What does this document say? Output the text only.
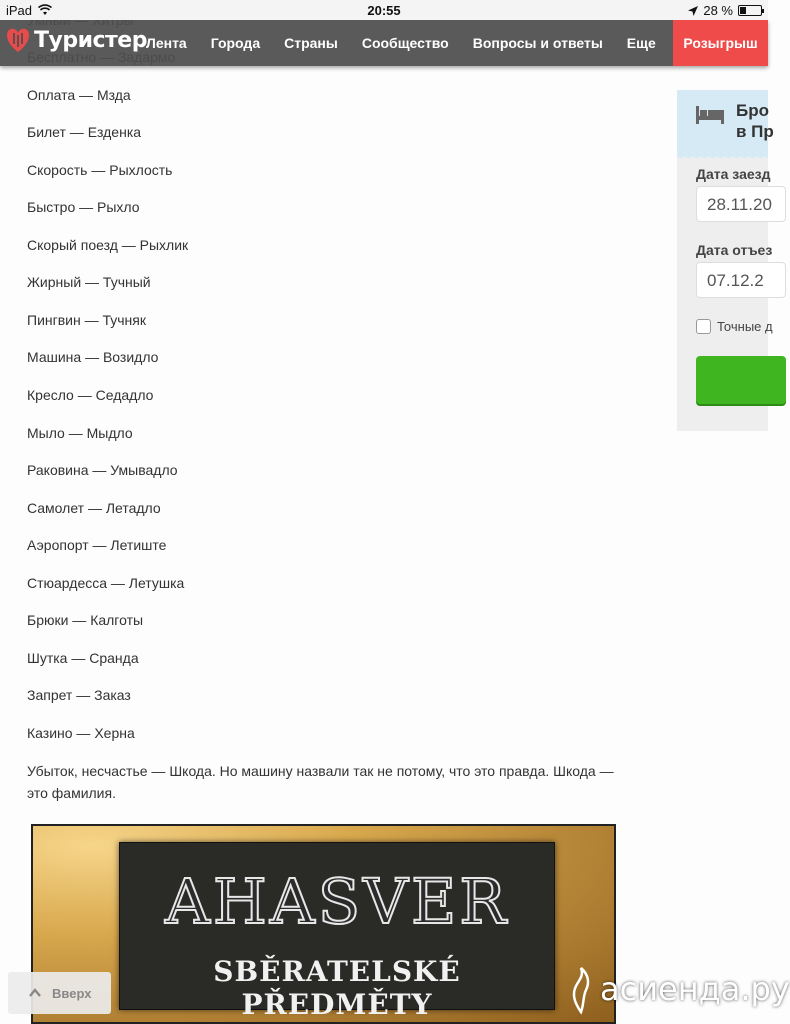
iPad	20:55	28 %
Оплата — Мзда
Билет — Езденка
Скорость — Рыхлость
Быстро — Рыхло
Скорый поезд — Рыхлик
Жирный — Тучный
Пингвин — Тучняк
Машина — Возидло
Кресло — Седадло
Мыло — Мыдло
Раковина — Умывадло
Самолет — Летадло
Аэропорт — Летиште
Стюардесса — Летушка
Брюки — Калготы
Шутка — Сранда
Запрет — Заказ
Казино — Херна
Убыток, несчастье — Шкода. Но машину назвали так не потому, что это правда. Шкода — это фамилия.
AHASVER
SBĚRATELSKÉ PŘEDMĚTY
Туристер Лента	Города	Страны	Сообщество	Вопросы и ответы	Еще	Розыгрыш
Бро
в Пр
Дата заезд
28.11.20
Дата отъез
07.12.2
Точные д
Вверх	асиенда.ру
